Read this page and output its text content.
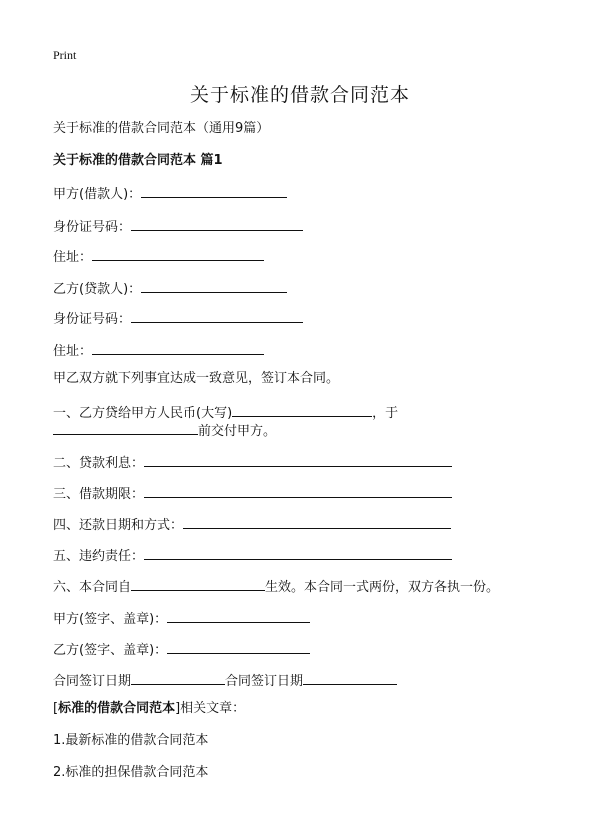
Print
关于标准的借款合同范本
关于标准的借款合同范本（通用9篇）
关于标准的借款合同范本 篇1
甲方(借款人)：
身份证号码：
住址：
乙方(贷款人)：
身份证号码：
住址：
甲乙双方就下列事宜达成一致意见，签订本合同。
一、乙方贷给甲方人民币(大写)	，于
前交付甲方。
二、贷款利息：
三、借款期限：
四、还款日期和方式：
五、违约责任：
六、本合同自	生效。本合同一式两份，双方各执一份。
甲方(签字、盖章)：
乙方(签字、盖章)：
合同签订日期	合同签订日期
[标准的借款合同范本]相关文章：
1.最新标准的借款合同范本
2.标准的担保借款合同范本
